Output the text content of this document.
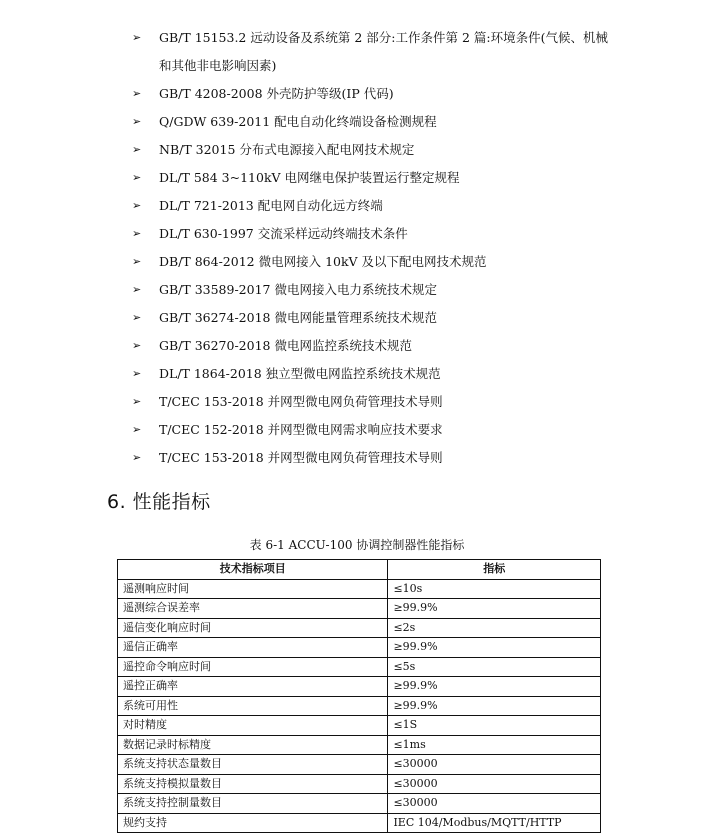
➢	GB/T 15153.2 远动设备及系统第 2 部分:工作条件第 2 篇:环境条件(气候、机械和其他非电影响因素)
➢	GB/T 4208-2008 外壳防护等级(IP 代码)
➢	Q/GDW 639-2011 配电自动化终端设备检测规程
➢	NB/T 32015 分布式电源接入配电网技术规定
➢	DL/T 584 3~110kV 电网继电保护装置运行整定规程
➢	DL/T 721-2013 配电网自动化远方终端
➢	DL/T 630-1997 交流采样远动终端技术条件
➢	DB/T 864-2012 微电网接入 10kV 及以下配电网技术规范
➢	GB/T 33589-2017 微电网接入电力系统技术规定
➢	GB/T 36274-2018 微电网能量管理系统技术规范
➢	GB/T 36270-2018 微电网监控系统技术规范
➢	DL/T 1864-2018 独立型微电网监控系统技术规范
➢	T/CEC 153-2018 并网型微电网负荷管理技术导则
➢	T/CEC 152-2018 并网型微电网需求响应技术要求
➢	T/CEC 153-2018 并网型微电网负荷管理技术导则
6. 性能指标
表 6-1 ACCU-100 协调控制器性能指标
技术指标项目	指标
遥测响应时间	≤10s
遥测综合误差率	≥99.9%
遥信变化响应时间	≤2s
遥信正确率	≥99.9%
遥控命令响应时间	≤5s
遥控正确率	≥99.9%
系统可用性	≥99.9%
对时精度	≤1S
数据记录时标精度	≤1ms
系统支持状态量数目	≤30000
系统支持模拟量数目	≤30000
系统支持控制量数目	≤30000
规约支持	IEC 104/Modbus/MQTT/HTTP
